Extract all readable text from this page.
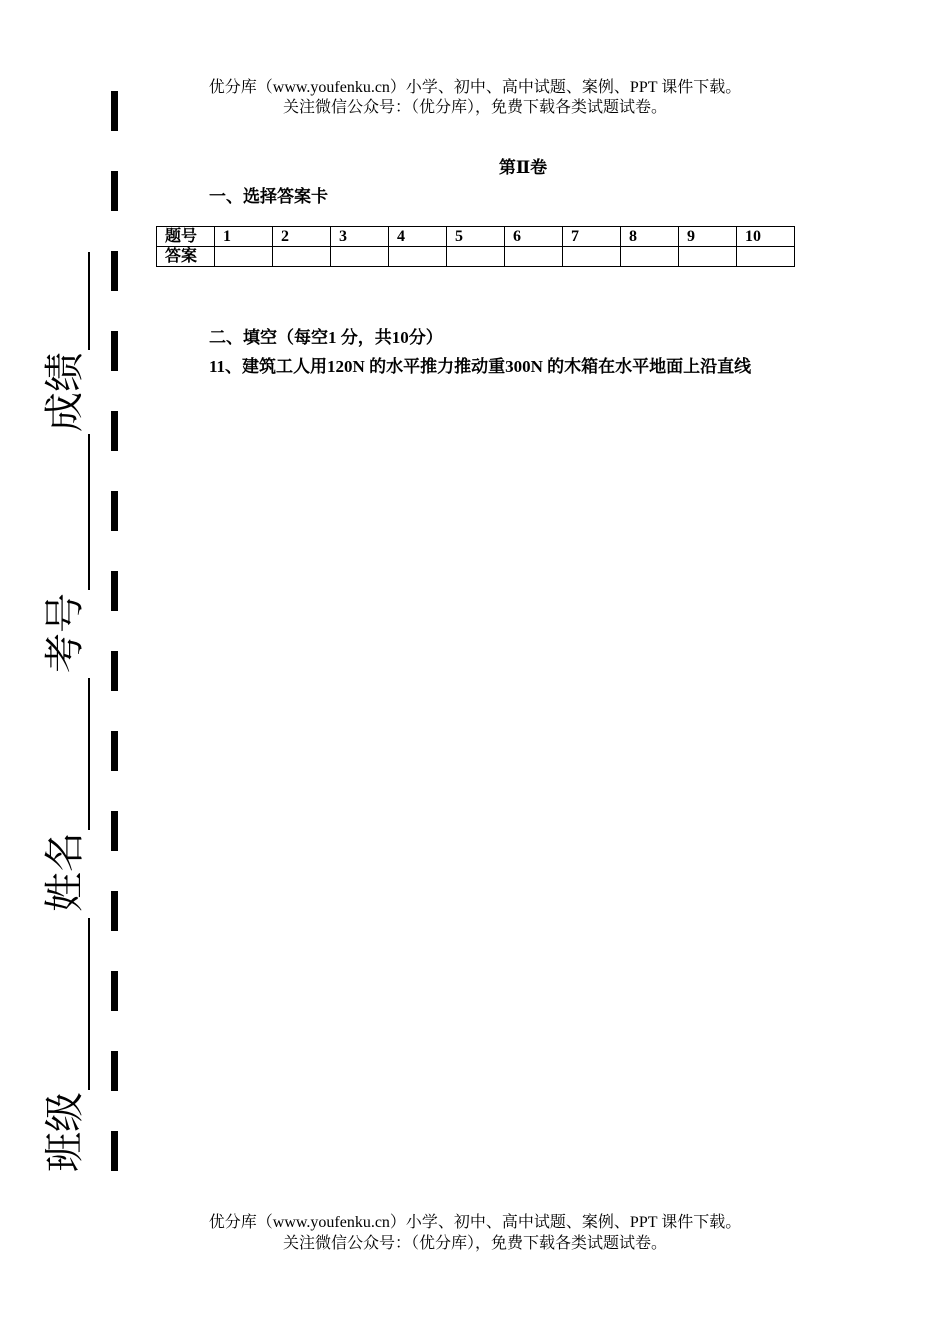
优分库（www.youfenku.cn）小学、初中、高中试题、案例、PPT 课件下载。
关注微信公众号：（优分库），免费下载各类试题试卷。
第Ⅱ卷
一、选择答案卡
题号	1	2	3	4	5	6	7	8	9	10
答案										
二、填空（每空1 分，共10分）
11、建筑工人用120N 的水平推力推动重300N 的木箱在水平地面上沿直线
班级
姓名
考号
成绩
优分库（www.youfenku.cn）小学、初中、高中试题、案例、PPT 课件下载。
关注微信公众号：（优分库），免费下载各类试题试卷。
